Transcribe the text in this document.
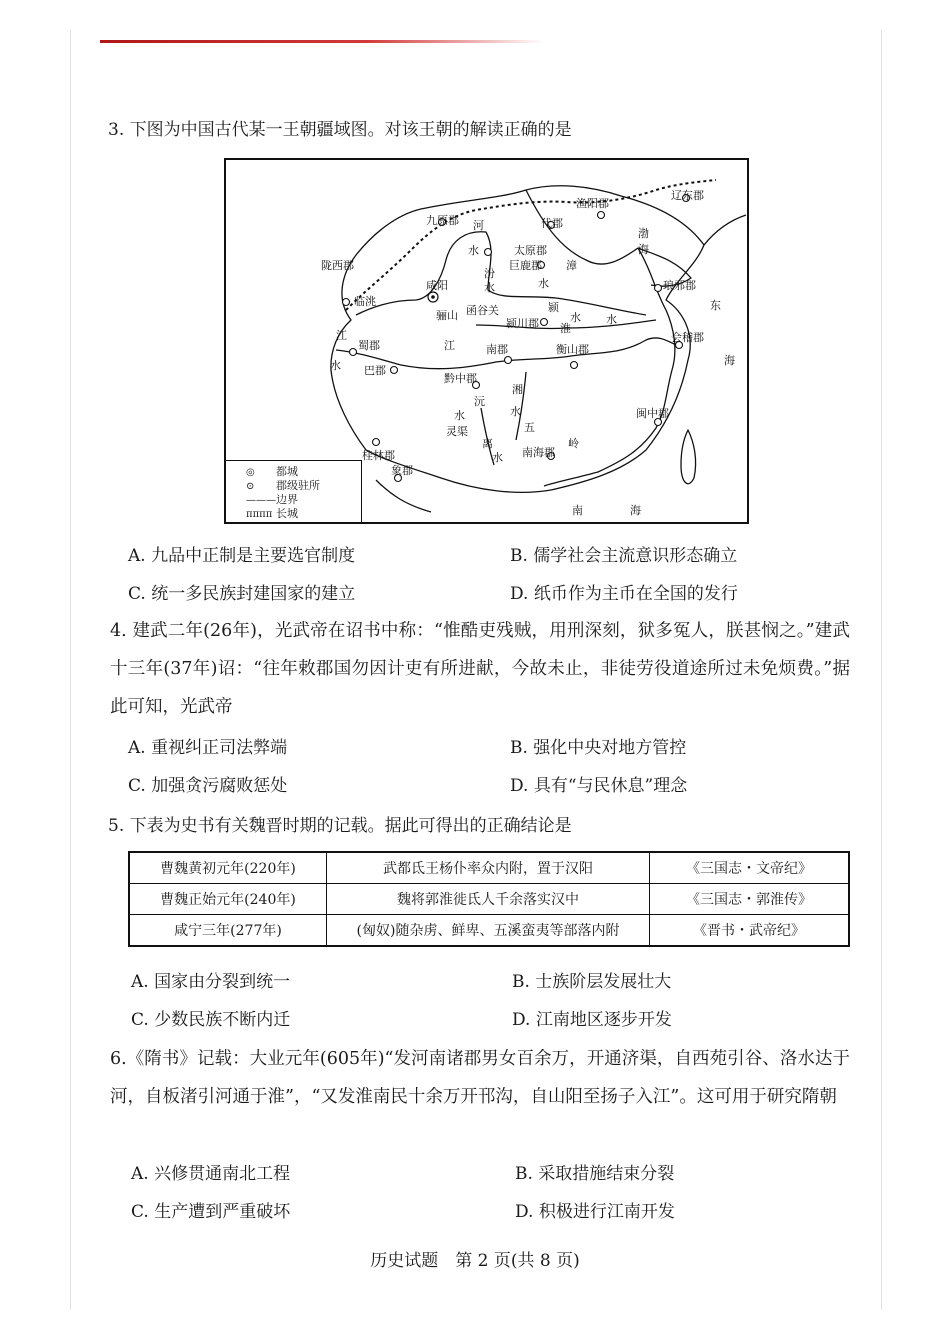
3. 下图为中国古代某一王朝疆域图。对该王朝的解读正确的是
辽东郡
渔阳郡
九原郡	代郡
太原郡
巨鹿郡
渤
海
琅邪郡
东
海
陇西郡
咸阳
临洮
骊山 函谷关
颍川郡
颍
水
淮
水
河
水
汾
水
漳
水
江
水
蜀郡
巴郡
江	南郡	衡山郡
会稽郡
黔中郡
沅
水
湘
水
灵渠
离
水
五
岭
南海郡
闽中郡
桂林郡
象郡
南	海
◎ 都城
⊙ 郡级驻所
———边界
ᴨᴨᴨᴨ 长城
A. 九品中正制是主要选官制度	B. 儒学社会主流意识形态确立
C. 统一多民族封建国家的建立	D. 纸币作为主币在全国的发行
4. 建武二年(26年)，光武帝在诏书中称：“惟酷吏残贼，用刑深刻，狱多冤人，朕甚悯之。”建武十三年(37年)诏：“往年敕郡国勿因计吏有所进献，今故未止，非徒劳役道途所过未免烦费。”据此可知，光武帝
A. 重视纠正司法弊端	B. 强化中央对地方管控
C. 加强贪污腐败惩处	D. 具有“与民休息”理念
5. 下表为史书有关魏晋时期的记载。据此可得出的正确结论是
曹魏黄初元年(220年)	武都氐王杨仆率众内附，置于汉阳	《三国志・文帝纪》
曹魏正始元年(240年)	魏将郭淮徙氐人千余落实汉中	《三国志・郭淮传》
咸宁三年(277年)	(匈奴)随杂虏、鲜卑、五溪蛮夷等部落内附	《晋书・武帝纪》
A. 国家由分裂到统一	B. 士族阶层发展壮大
C. 少数民族不断内迁	D. 江南地区逐步开发
6.《隋书》记载：大业元年(605年)“发河南诸郡男女百余万，开通济渠，自西苑引谷、洛水达于河，自板渚引河通于淮”，“又发淮南民十余万开邗沟，自山阳至扬子入江”。这可用于研究隋朝
A. 兴修贯通南北工程	B. 采取措施结束分裂
C. 生产遭到严重破坏	D. 积极进行江南开发
历史试题　第 2 页(共 8 页)
